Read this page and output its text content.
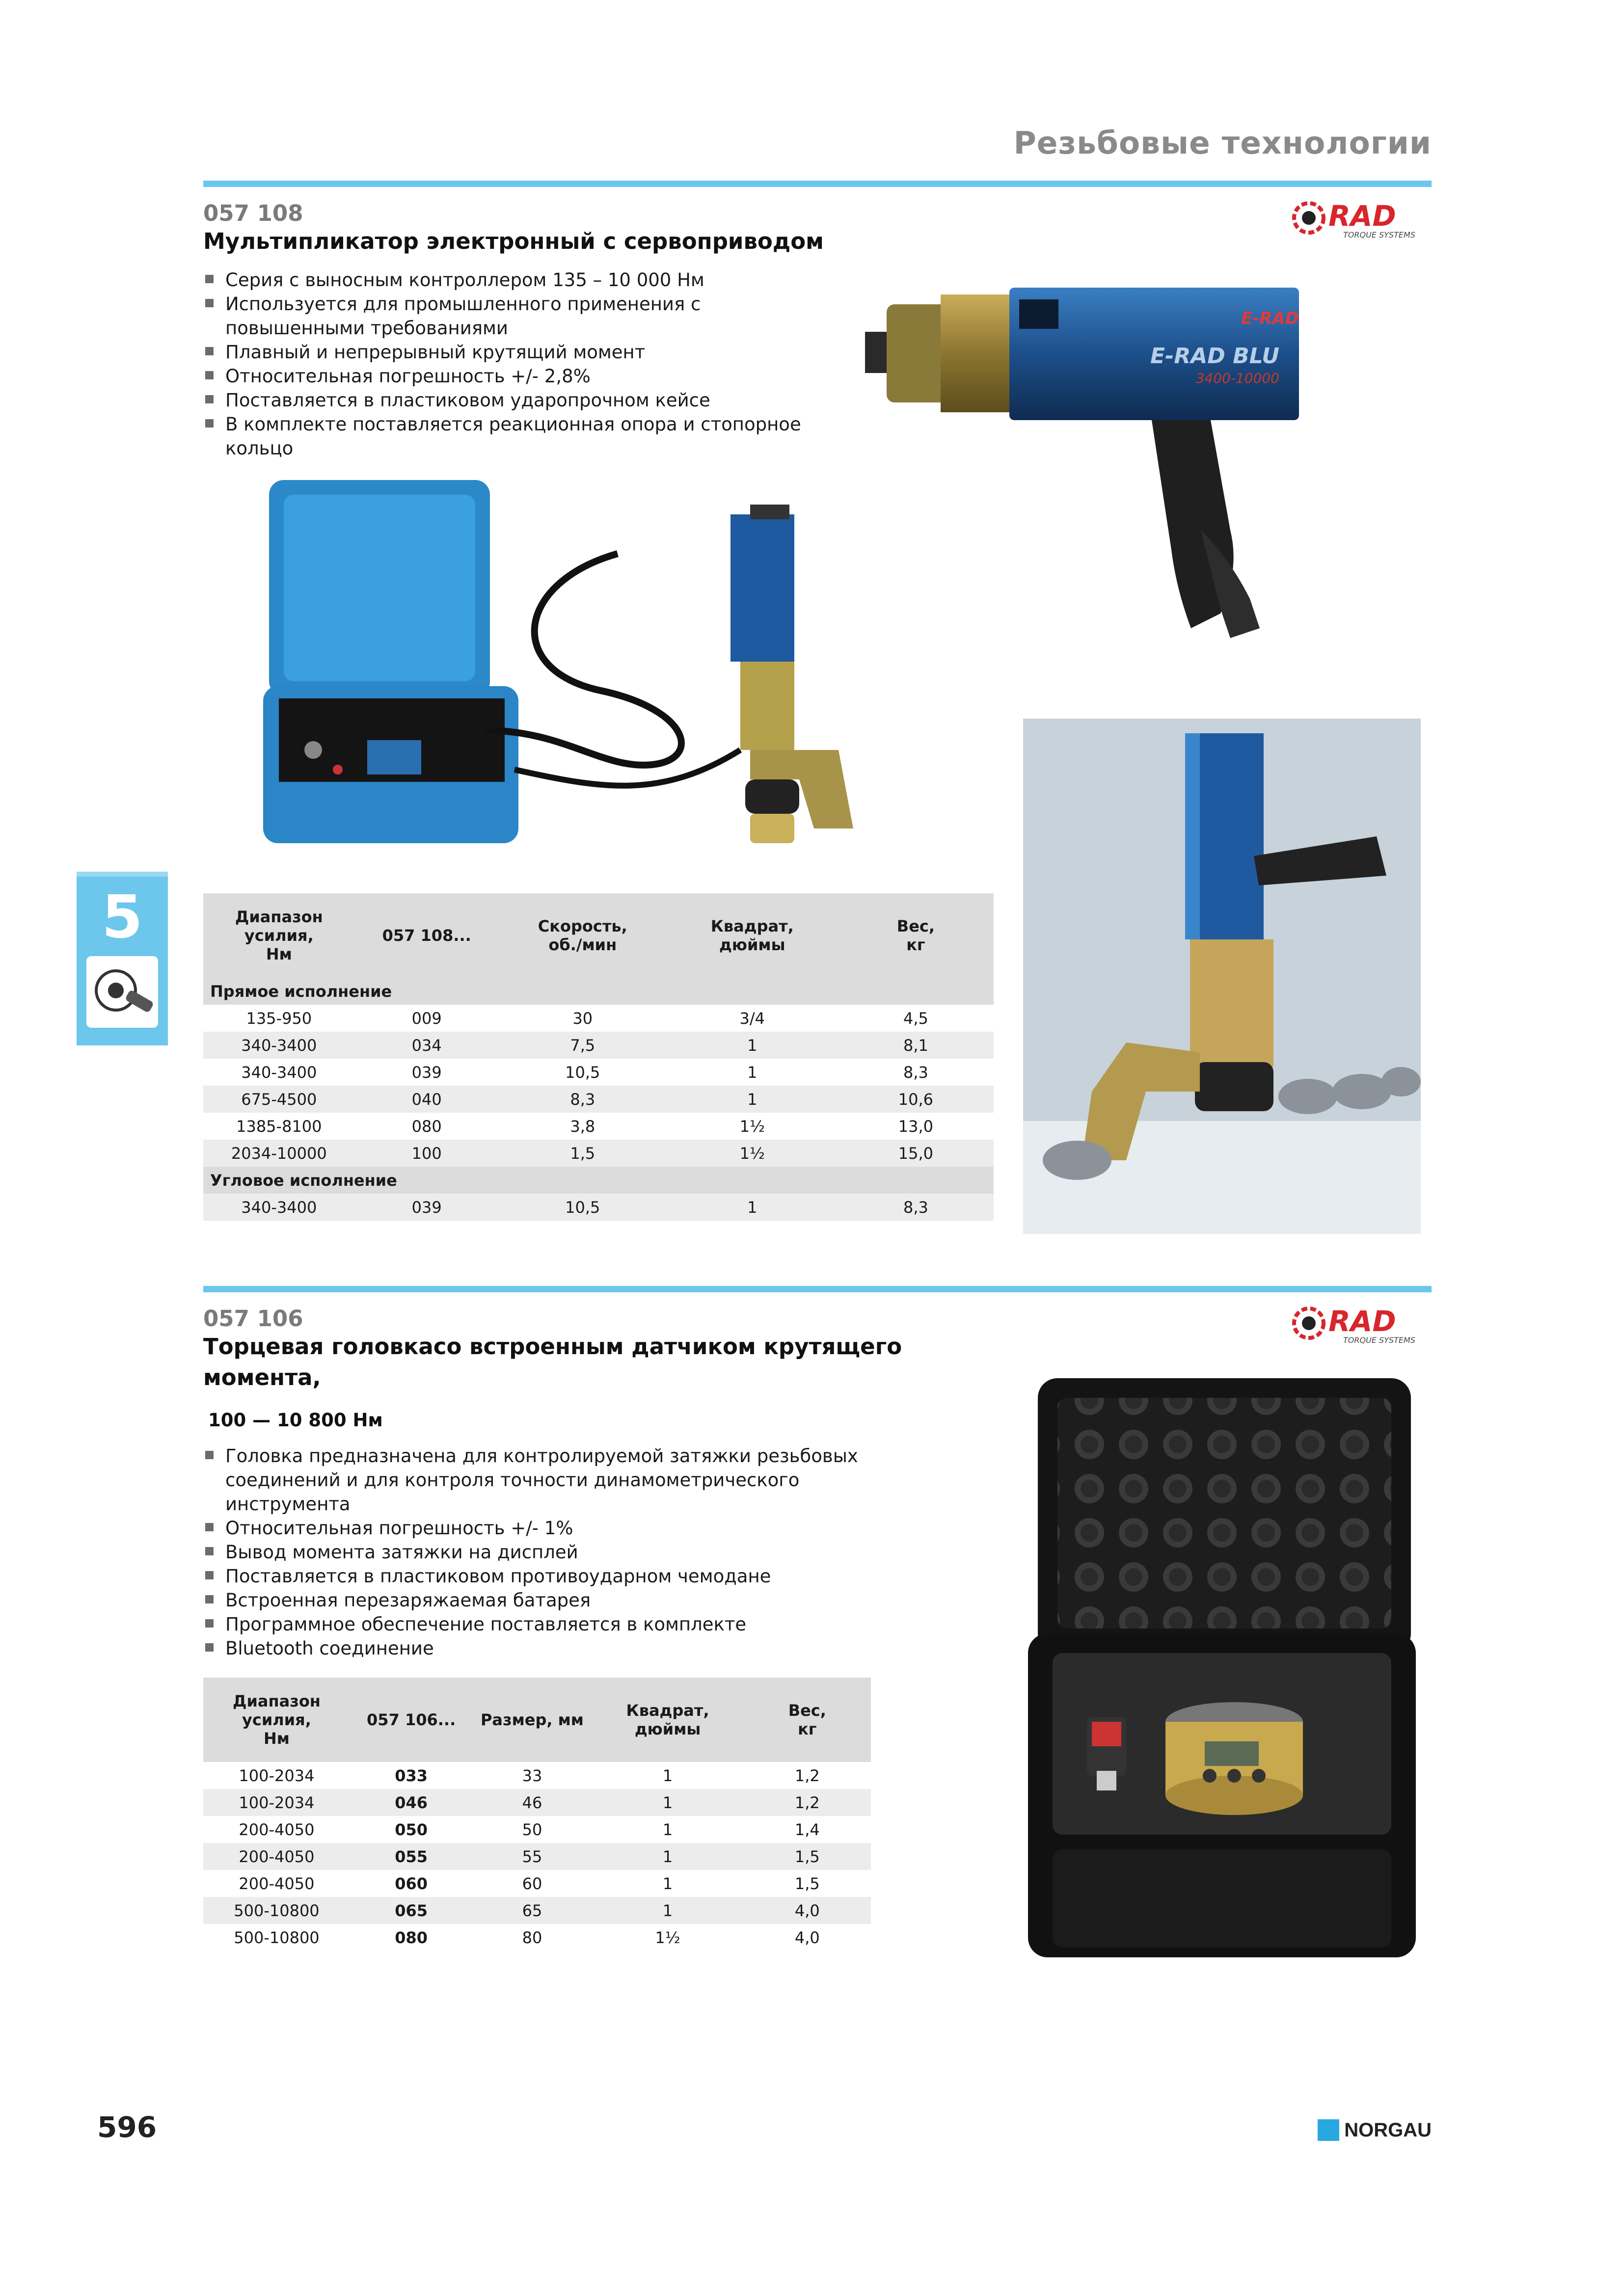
Резьбовые технологии
057 108
Мультипликатор электронный с сервоприводом
RAD
TORQUE SYSTEMS
Серия с выносным контроллером 135 – 10 000 Нм
Используется для промышленного применения с повышенными требованиями
Плавный и непрерывный крутящий момент
Относительная погрешность +/- 2,8%
Поставляется в пластиковом ударопрочном кейсе
В комплекте поставляется реакционная опора и стопорное кольцо
E-RAD
E-RAD BLU
3400-10000
5	Диапазон усилия, Нм	057 108...	Скорость, об./мин	Квадрат, дюймы	Вес, кг
Прямое исполнение				
135-950	009	30	3/4	4,5
340-3400	034	7,5	1	8,1
340-3400	039	10,5	1	8,3
675-4500	040	8,3	1	10,6
1385-8100	080	3,8	1½	13,0
2034-10000	100	1,5	1½	15,0
Угловое исполнение				
340-3400	039	10,5	1	8,3
057 106
Торцевая головкасо встроенным датчиком крутящего
момента,
100 — 10 800 Нм
RAD
TORQUE SYSTEMS
Головка предназначена для контролируемой затяжки резьбовых соединений и для контроля точности динамометрического инструмента
Относительная погрешность +/- 1%
Вывод момента затяжки на дисплей
Поставляется в пластиковом противоударном чемодане
Встроенная перезаряжаемая батарея
Программное обеспечение поставляется в комплекте
Bluetooth соединение
Диапазон усилия, Нм	057 106...	Размер, мм	Квадрат, дюймы	Вес, кг
100-2034	033	33	1	1,2
100-2034	046	46	1	1,2
200-4050	050	50	1	1,4
200-4050	055	55	1	1,5
200-4050	060	60	1	1,5
500-10800	065	65	1	4,0
500-10800	080	80	1½	4,0
596	NORGAU
